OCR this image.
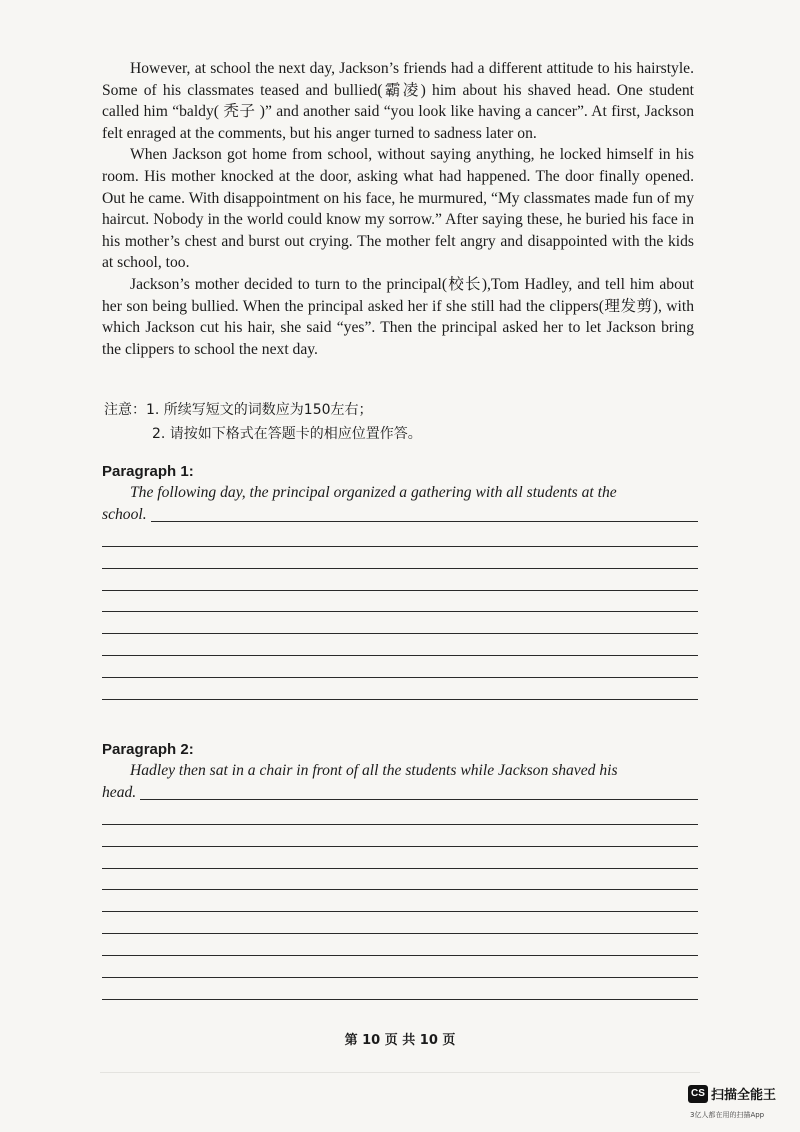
However, at school the next day, Jackson’s friends had a different attitude to his hairstyle. Some of his classmates teased and bullied(霸凌) him about his shaved head. One student called him “baldy( 秃子 )” and another said “you look like having a cancer”. At first, Jackson felt enraged at the comments, but his anger turned to sadness later on.

When Jackson got home from school, without saying anything, he locked himself in his room. His mother knocked at the door, asking what had happened. The door finally opened. Out he came. With disappointment on his face, he murmured, “My classmates made fun of my haircut. Nobody in the world could know my sorrow.” After saying these, he buried his face in his mother’s chest and burst out crying. The mother felt angry and disappointed with the kids at school, too.

Jackson’s mother decided to turn to the principal(校长),Tom Hadley, and tell him about her son being bullied. When the principal asked her if she still had the clippers(理发剪), with which Jackson cut his hair, she said “yes”. Then the principal asked her to let Jackson bring the clippers to school the next day.

注意：1. 所续写短文的词数应为150左右；
2. 请按如下格式在答题卡的相应位置作答。
Paragraph 1:

The following day, the principal organized a gathering with all students at the

school.
Paragraph 2:

Hadley then sat in a chair in front of all the students while Jackson shaved his

head.
第 10 页 共 10 页
CS 扫描全能王
3亿人都在用的扫描App
